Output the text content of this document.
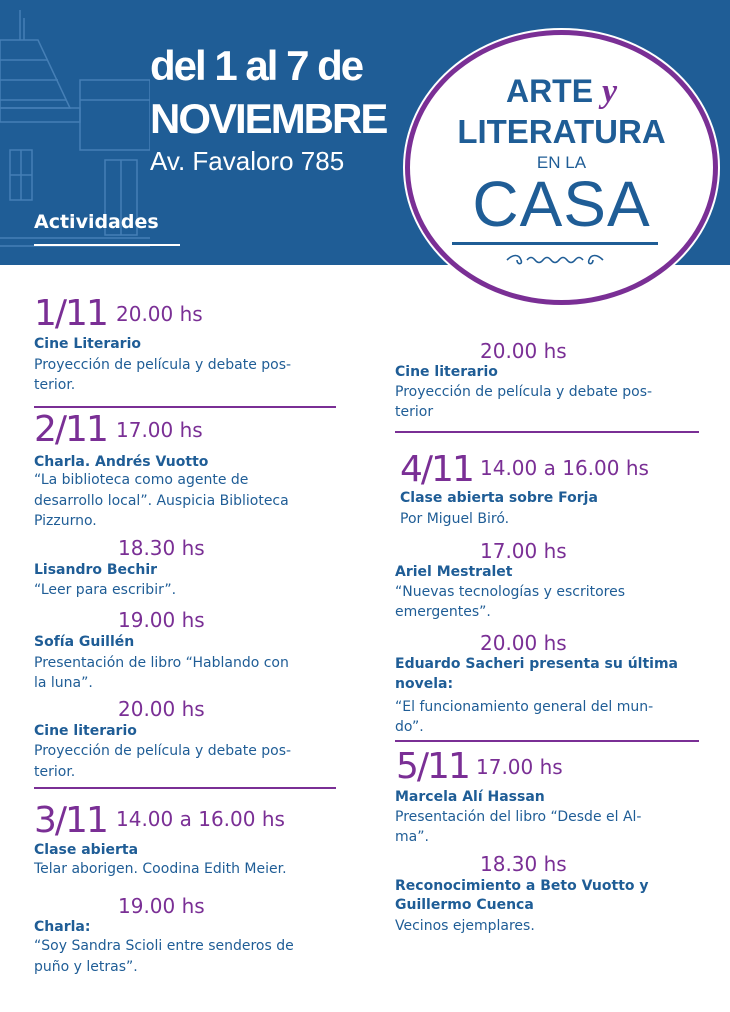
del 1 al 7 de
NOVIEMBRE
Av. Favaloro 785
Actividades
ARTE y
LITERATURA
EN LA
CASA
1/11 20.00 hs
Cine Literario
Proyección de película y debate pos-
terior.
2/11 17.00 hs
Charla. Andrés Vuotto
“La biblioteca como agente de
desarrollo local”. Auspicia Biblioteca
Pizzurno.
18.30 hs
Lisandro Bechir
“Leer para escribir”.
19.00 hs
Sofía Guillén
Presentación de libro “Hablando con
la luna”.
20.00 hs
Cine literario
Proyección de película y debate pos-
terior.
3/11 14.00 a 16.00 hs
Clase abierta
Telar aborigen. Coodina Edith Meier.
19.00 hs
Charla:
“Soy Sandra Scioli entre senderos de
puño y letras”.
20.00 hs
Cine literario
Proyección de película y debate pos-
terior
4/11 14.00 a 16.00 hs
Clase abierta sobre Forja
Por Miguel Biró.
17.00 hs
Ariel Mestralet
“Nuevas tecnologías y escritores
emergentes”.
20.00 hs
Eduardo Sacheri presenta su última
novela:
“El funcionamiento general del mun-
do”.
5/11 17.00 hs
Marcela Alí Hassan
Presentación del libro “Desde el Al-
ma”.
18.30 hs
Reconocimiento a Beto Vuotto y
Guillermo Cuenca
Vecinos ejemplares.
